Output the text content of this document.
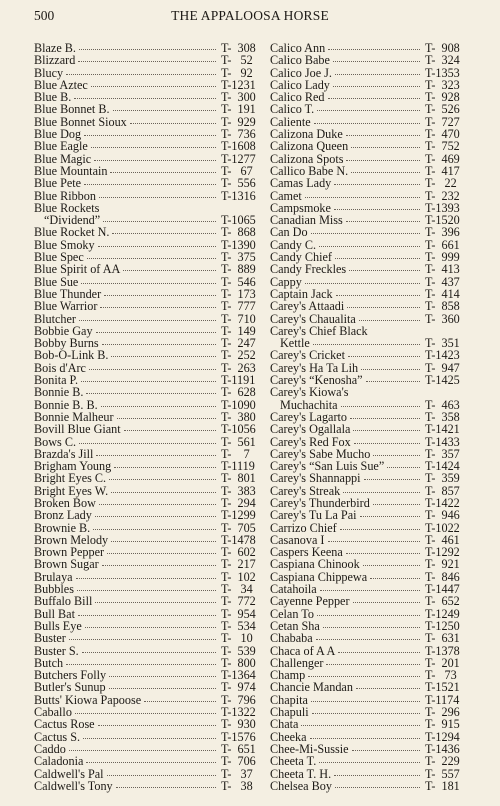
500	THE APPALOOSA HORSE
Blaze B.	T-  308
Blizzard	T-   52
Blucy	T-   92
Blue Aztec	T-1231
Blue B.	T-  300
Blue Bonnet B.	T-  191
Blue Bonnet Sioux	T-  929
Blue Dog	T-  736
Blue Eagle	T-1608
Blue Magic	T-1277
Blue Mountain	T-   67
Blue Pete	T-  556
Blue Ribbon	T-1316
Blue Rockets
“Dividend”	T-1065
Blue Rocket N.	T-  868
Blue Smoky	T-1390
Blue Spec	T-  375
Blue Spirit of AA	T-  889
Blue Sue	T-  546
Blue Thunder	T-  173
Blue Warrior	T-  777
Blutcher	T-  710
Bobbie Gay	T-  149
Bobby Burns	T-  247
Bob-O-Link B.	T-  252
Bois d'Arc	T-  263
Bonita P.	T-1191
Bonnie B.	T-  628
Bonnie B. B.	T-1090
Bonnie Malheur	T-  380
Bovill Blue Giant	T-1056
Bows C.	T-  561
Brazda's Jill	T-    7
Brigham Young	T-1119
Bright Eyes C.	T-  801
Bright Eyes W.	T-  383
Broken Bow	T-  294
Bronz Lady	T-1299
Brownie B.	T-  705
Brown Melody	T-1478
Brown Pepper	T-  602
Brown Sugar	T-  217
Brulaya	T-  102
Bubbles	T-   34
Buffalo Bill	T-  772
Bull Bat	T-  954
Bulls Eye	T-  534
Buster	T-   10
Buster S.	T-  539
Butch	T-  800
Butchers Folly	T-1364
Butler's Sunup	T-  974
Butts' Kiowa Papoose	T-  796
Caballo	T-1322
Cactus Rose	T-  930
Cactus S.	T-1576
Caddo	T-  651
Caladonia	T-  706
Caldwell's Pal	T-   37
Caldwell's Tony	T-   38
Calico Ann	T-  908
Calico Babe	T-  324
Calico Joe J.	T-1353
Calico Lady	T-  323
Calico Red	T-  928
Calico T.	T-  526
Caliente	T-  727
Calizona Duke	T-  470
Calizona Queen	T-  752
Calizona Spots	T-  469
Callico Babe N.	T-  417
Camas Lady	T-   22
Camet	T-  232
Campsmoke	T-1393
Canadian Miss	T-1520
Can Do	T-  396
Candy C.	T-  661
Candy Chief	T-  999
Candy Freckles	T-  413
Cappy	T-  437
Captain Jack	T-  414
Carey's Attaadi	T-  858
Carey's Chaualita	T-  360
Carey's Chief Black
Kettle	T-  351
Carey's Cricket	T-1423
Carey's Ha Ta Lih	T-  947
Carey's “Kenosha”	T-1425
Carey's Kiowa's
Muchachita	T-  463
Carey's Lagarto	T-  358
Carey's Ogallala	T-1421
Carey's Red Fox	T-1433
Carey's Sabe Mucho	T-  357
Carey's “San Luis Sue”	T-1424
Carey's Shannappi	T-  359
Carey's Streak	T-  857
Carey's Thunderbird	T-1422
Carey's Tu La Pai	T-  946
Carrizo Chief	T-1022
Casanova I	T-  461
Caspers Keena	T-1292
Caspiana Chinook	T-  921
Caspiana Chippewa	T-  846
Catahoila	T-1447
Cayenne Pepper	T-  652
Celan To	T-1249
Cetan Sha	T-1250
Chababa	T-  631
Chaca of A A	T-1378
Challenger	T-  201
Champ	T-   73
Chancie Mandan	T-1521
Chapita	T-1174
Chapuli	T-  296
Chata	T-  915
Cheeka	T-1294
Chee-Mi-Sussie	T-1436
Cheeta T.	T-  229
Cheeta T. H.	T-  557
Chelsea Boy	T-  181
